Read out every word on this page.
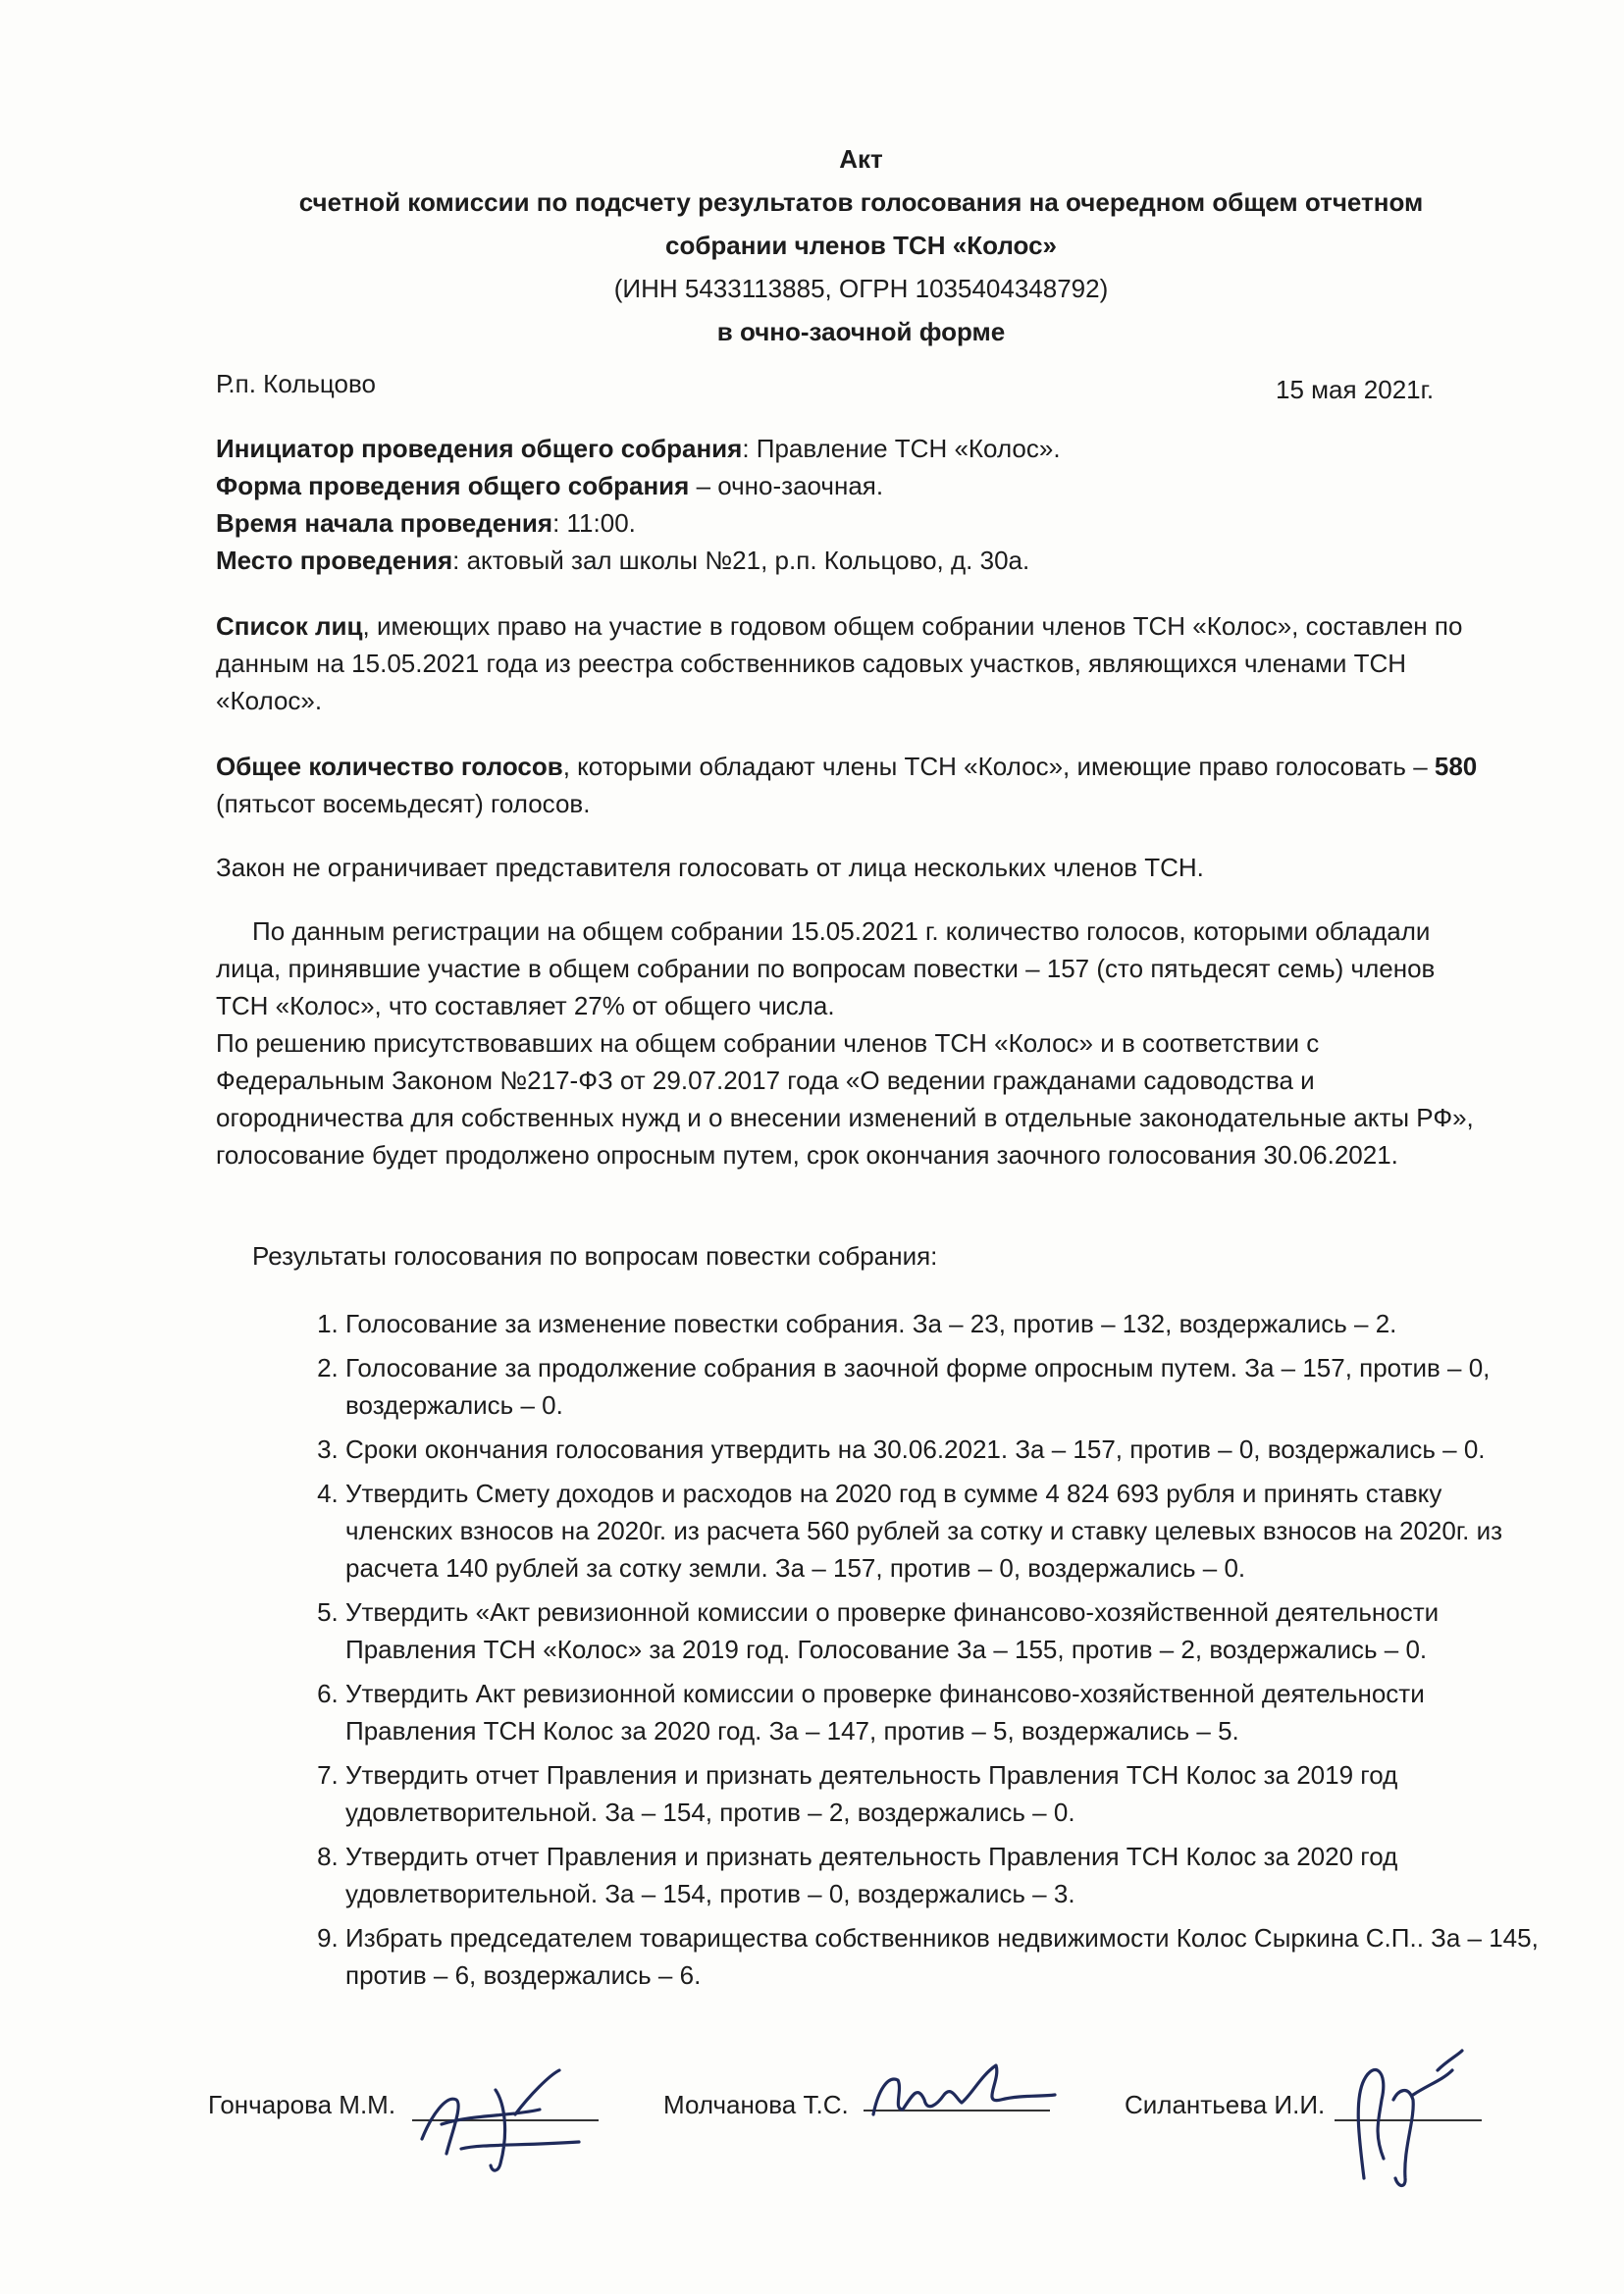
Акт
счетной комиссии по подсчету результатов голосования на очередном общем отчетном
собрании членов ТСН «Колос»
(ИНН 5433113885, ОГРН 1035404348792)
в очно-заочной форме
Р.п. Кольцово	15 мая 2021г.
Инициатор проведения общего собрания: Правление ТСН «Колос».
Форма проведения общего собрания – очно-заочная.
Время начала проведения: 11:00.
Место проведения: актовый зал школы №21, р.п. Кольцово, д. 30а.
Список лиц, имеющих право на участие в годовом общем собрании членов ТСН «Колос», составлен по данным на 15.05.2021 года из реестра собственников садовых участков, являющихся членами ТСН «Колос».
Общее количество голосов, которыми обладают члены ТСН «Колос», имеющие право голосовать – 580 (пятьсот восемьдесят) голосов.
Закон не ограничивает представителя голосовать от лица нескольких членов ТСН.
По данным регистрации на общем собрании 15.05.2021 г. количество голосов, которыми обладали лица, принявшие участие в общем собрании по вопросам повестки – 157 (сто пятьдесят семь) членов ТСН «Колос», что составляет 27% от общего числа.
По решению присутствовавших на общем собрании членов ТСН «Колос» и в соответствии с Федеральным Законом №217-ФЗ от 29.07.2017 года «О ведении гражданами садоводства и огородничества для собственных нужд и о внесении изменений в отдельные законодательные акты РФ», голосование будет продолжено опросным путем, срок окончания заочного голосования 30.06.2021.
Результаты голосования по вопросам повестки собрания:
1. Голосование за изменение повестки собрания. За – 23, против – 132, воздержались – 2.
2. Голосование за продолжение собрания в заочной форме опросным путем. За – 157, против – 0, воздержались – 0.
3. Сроки окончания голосования утвердить на 30.06.2021. За – 157, против – 0, воздержались – 0.
4. Утвердить Смету доходов и расходов на 2020 год в сумме 4 824 693 рубля и принять ставку членских взносов на 2020г. из расчета 560 рублей за сотку и ставку целевых взносов на 2020г. из расчета 140 рублей за сотку земли. За – 157, против – 0, воздержались – 0.
5. Утвердить «Акт ревизионной комиссии о проверке финансово-хозяйственной деятельности Правления ТСН «Колос» за 2019 год. Голосование За – 155, против – 2, воздержались – 0.
6. Утвердить Акт ревизионной комиссии о проверке финансово-хозяйственной деятельности Правления ТСН Колос за 2020 год. За – 147, против – 5, воздержались – 5.
7. Утвердить отчет Правления и признать деятельность Правления ТСН Колос за 2019 год удовлетворительной. За – 154, против – 2, воздержались – 0.
8. Утвердить отчет Правления и признать деятельность Правления ТСН Колос за 2020 год удовлетворительной. За – 154, против – 0, воздержались – 3.
9. Избрать председателем товарищества собственников недвижимости Колос Сыркина С.П.. За – 145, против – 6, воздержались – 6.
Гончарова М.М.	Молчанова Т.С.	Силантьева И.И.
